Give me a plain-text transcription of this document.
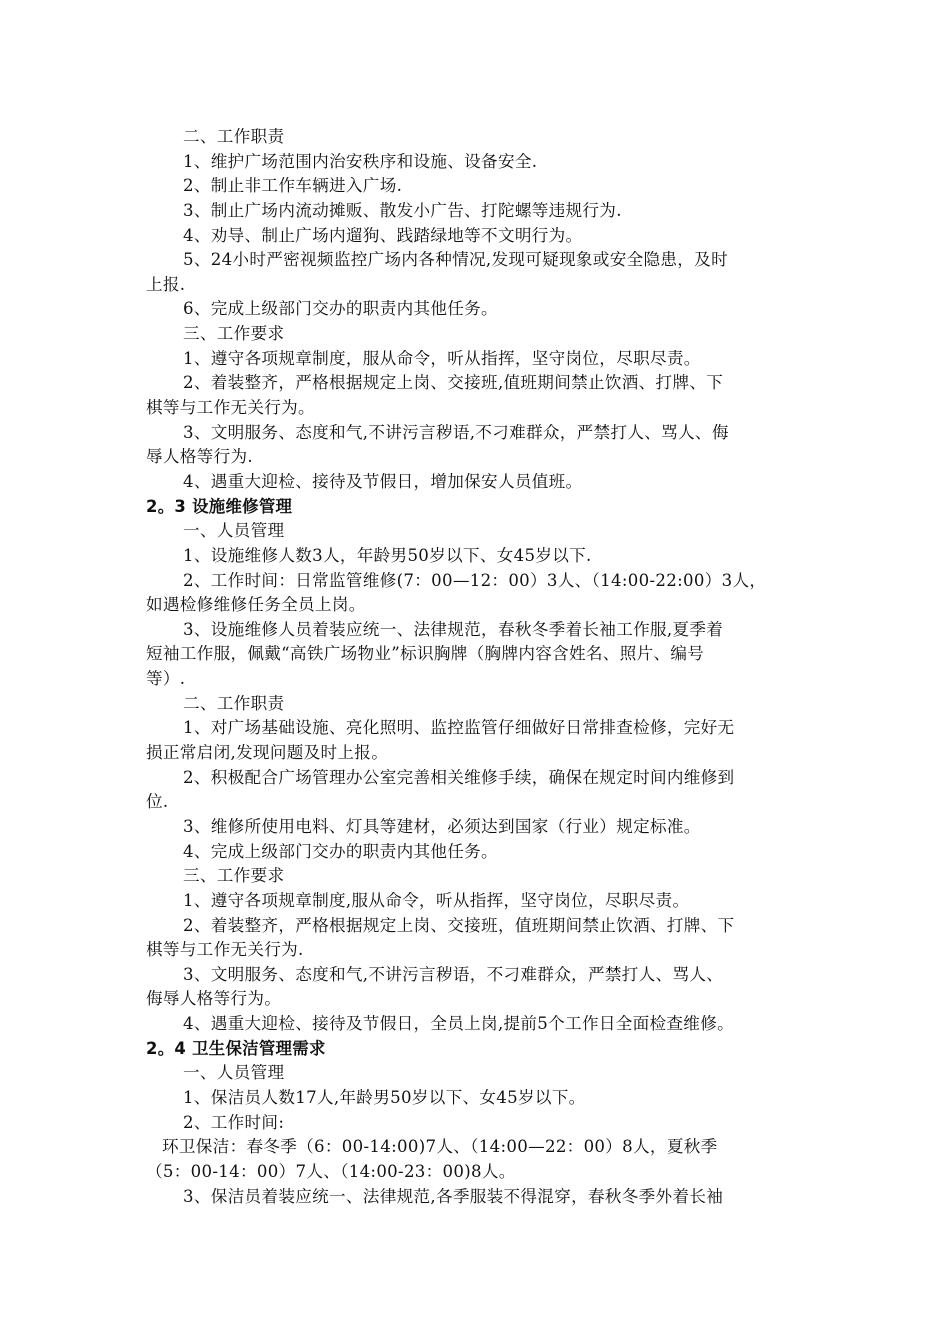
二、工作职责
1、维护广场范围内治安秩序和设施、设备安全.
2、制止非工作车辆进入广场.
3、制止广场内流动摊贩、散发小广告、打陀螺等违规行为.
4、劝导、制止广场内遛狗、践踏绿地等不文明行为。
5、24小时严密视频监控广场内各种情况,发现可疑现象或安全隐患，及时
上报.
6、完成上级部门交办的职责内其他任务。
三、工作要求
1、遵守各项规章制度，服从命令，听从指挥，坚守岗位，尽职尽责。
2、着装整齐，严格根据规定上岗、交接班,值班期间禁止饮酒、打牌、下
棋等与工作无关行为。
3、文明服务、态度和气,不讲污言秽语,不刁难群众，严禁打人、骂人、侮
辱人格等行为.
4、遇重大迎检、接待及节假日，增加保安人员值班。
2。3 设施维修管理
一、人员管理
1、设施维修人数3人，年龄男50岁以下、女45岁以下.
2、工作时间：日常监管维修(7：00—12：00）3人、（14:00-22:00）3人，
如遇检修维修任务全员上岗。
3、设施维修人员着装应统一、法律规范，春秋冬季着长袖工作服,夏季着
短袖工作服，佩戴“高铁广场物业”标识胸牌（胸牌内容含姓名、照片、编号
等）.
二、工作职责
1、对广场基础设施、亮化照明、监控监管仔细做好日常排查检修，完好无
损正常启闭,发现问题及时上报。
2、积极配合广场管理办公室完善相关维修手续，确保在规定时间内维修到
位.
3、维修所使用电料、灯具等建材，必须达到国家（行业）规定标准。
4、完成上级部门交办的职责内其他任务。
三、工作要求
1、遵守各项规章制度,服从命令，听从指挥，坚守岗位，尽职尽责。
2、着装整齐，严格根据规定上岗、交接班，值班期间禁止饮酒、打牌、下
棋等与工作无关行为.
3、文明服务、态度和气,不讲污言秽语，不刁难群众，严禁打人、骂人、
侮辱人格等行为。
4、遇重大迎检、接待及节假日，全员上岗,提前5个工作日全面检查维修。
2。4 卫生保洁管理需求
一、人员管理
1、保洁员人数17人,年龄男50岁以下、女45岁以下。
2、工作时间:
环卫保洁：春冬季（6：00-14:00)7人、（14:00—22：00）8人，夏秋季
（5：00-14：00）7人、（14:00-23：00)8人。
3、保洁员着装应统一、法律规范,各季服装不得混穿，春秋冬季外着长袖
